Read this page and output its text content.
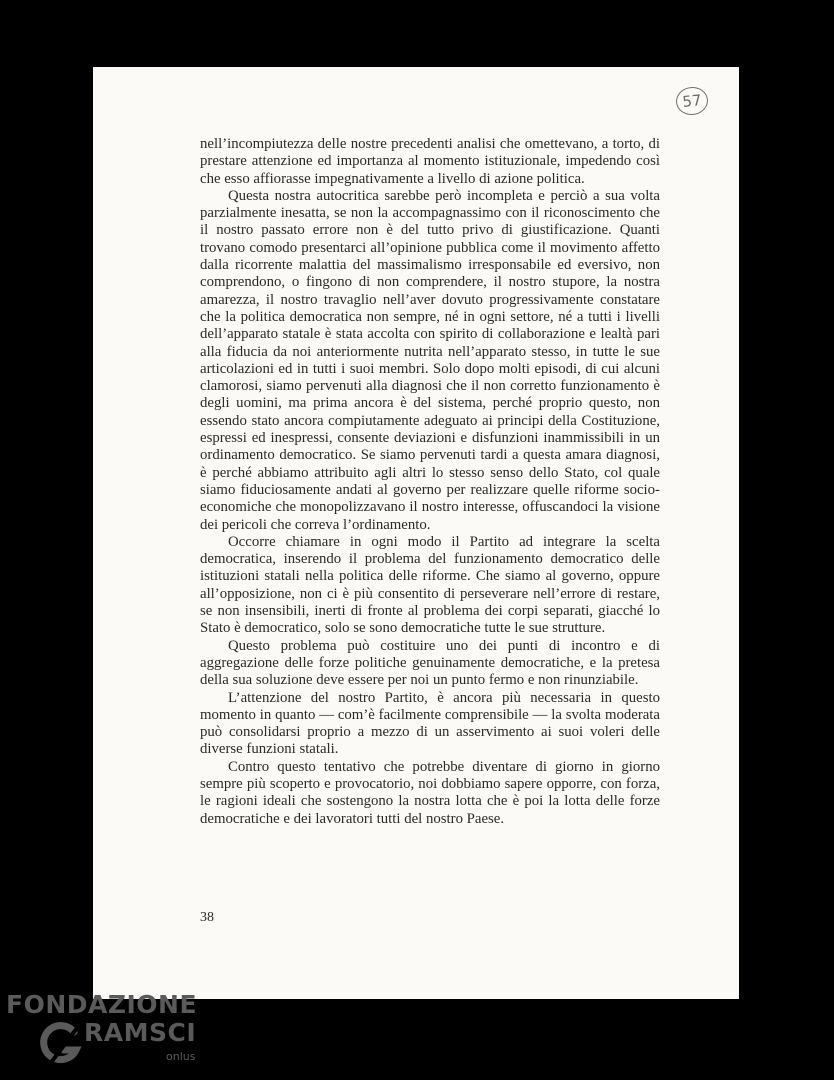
57

nell’incompiutezza delle nostre precedenti analisi che omettevano, a torto, di prestare attenzione ed importanza al momento istituzionale, impedendo così che esso affiorasse impegnativamente a livello di azione politica.

Questa nostra autocritica sarebbe però incompleta e perciò a sua volta parzialmente inesatta, se non la accompagnassimo con il riconoscimento che il nostro passato errore non è del tutto privo di giustificazione. Quanti trovano comodo presentarci all’opinione pubblica come il movimento affetto dalla ricorrente malattia del massimalismo irresponsabile ed eversivo, non comprendono, o fingono di non comprendere, il nostro stupore, la nostra amarezza, il nostro travaglio nell’aver dovuto progressivamente constatare che la politica democratica non sempre, né in ogni settore, né a tutti i livelli dell’apparato statale è stata accolta con spirito di collaborazione e lealtà pari alla fiducia da noi anteriormente nutrita nell’apparato stesso, in tutte le sue articolazioni ed in tutti i suoi membri. Solo dopo molti episodi, di cui alcuni clamorosi, siamo pervenuti alla diagnosi che il non corretto funzionamento è degli uomini, ma prima ancora è del sistema, perché proprio questo, non essendo stato ancora compiutamente adeguato ai principi della Costituzione, espressi ed inespressi, consente deviazioni e disfunzioni inammissibili in un ordinamento democratico. Se siamo pervenuti tardi a questa amara diagnosi, è perché abbiamo attribuito agli altri lo stesso senso dello Stato, col quale siamo fiduciosamente andati al governo per realizzare quelle riforme socio-economiche che monopolizzavano il nostro interesse, offuscandoci la visione dei pericoli che correva l’ordinamento.

Occorre chiamare in ogni modo il Partito ad integrare la scelta democratica, inserendo il problema del funzionamento democratico delle istituzioni statali nella politica delle riforme. Che siamo al governo, oppure all’opposizione, non ci è più consentito di perseverare nell’errore di restare, se non insensibili, inerti di fronte al problema dei corpi separati, giacché lo Stato è democratico, solo se sono democratiche tutte le sue strutture.

Questo problema può costituire uno dei punti di incontro e di aggregazione delle forze politiche genuinamente democratiche, e la pretesa della sua soluzione deve essere per noi un punto fermo e non rinunziabile.

L’attenzione del nostro Partito, è ancora più necessaria in questo momento in quanto — com’è facilmente comprensibile — la svolta moderata può consolidarsi proprio a mezzo di un asservimento ai suoi voleri delle diverse funzioni statali.

Contro questo tentativo che potrebbe diventare di giorno in giorno sempre più scoperto e provocatorio, noi dobbiamo sapere opporre, con forza, le ragioni ideali che sostengono la nostra lotta che è poi la lotta delle forze democratiche e dei lavoratori tutti del nostro Paese.

38
FONDAZIONE
RAMSCI
onlus
